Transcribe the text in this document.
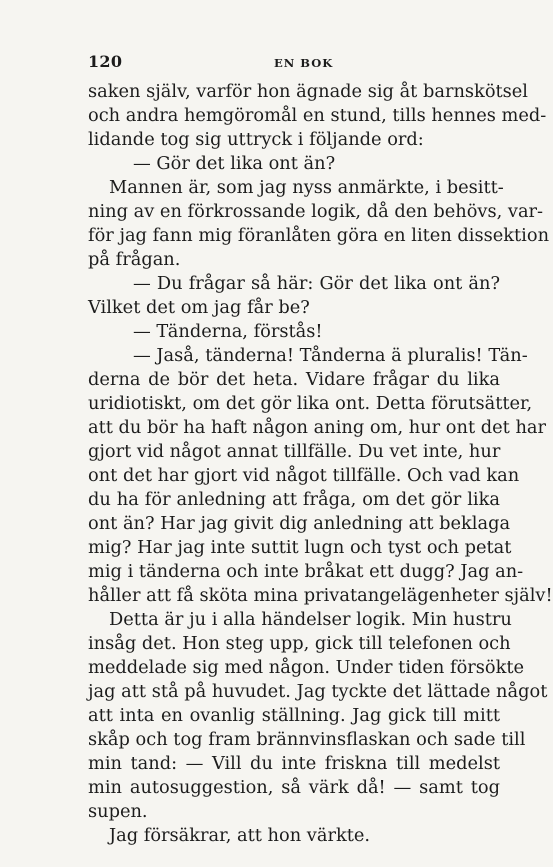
120	EN BOK
saken själv, varför hon ägnade sig åt barnskötsel
och andra hemgöromål en stund, tills hennes med-
lidande tog sig uttryck i följande ord:
— Gör det lika ont än?
Mannen är, som jag nyss anmärkte, i besitt-
ning av en förkrossande logik, då den behövs, var-
för jag fann mig föranlåten göra en liten dissektion
på frågan.
— Du frågar så här: Gör det lika ont än?
Vilket det om jag får be?
— Tänderna, förstås!
— Jaså, tänderna! Tånderna ä pluralis! Tän-
derna de bör det heta. Vidare frågar du lika
uridiotiskt, om det gör lika ont. Detta förutsätter,
att du bör ha haft någon aning om, hur ont det har
gjort vid något annat tillfälle. Du vet inte, hur
ont det har gjort vid något tillfälle. Och vad kan
du ha för anledning att fråga, om det gör lika
ont än? Har jag givit dig anledning att beklaga
mig? Har jag inte suttit lugn och tyst och petat
mig i tänderna och inte bråkat ett dugg? Jag an-
håller att få sköta mina privatangelägenheter själv!
Detta är ju i alla händelser logik. Min hustru
insåg det. Hon steg upp, gick till telefonen och
meddelade sig med någon. Under tiden försökte
jag att stå på huvudet. Jag tyckte det lättade något
att inta en ovanlig ställning. Jag gick till mitt
skåp och tog fram brännvinsflaskan och sade till
min tand: — Vill du inte friskna till medelst
min autosuggestion, så värk då! — samt tog
supen.
Jag försäkrar, att hon värkte.
